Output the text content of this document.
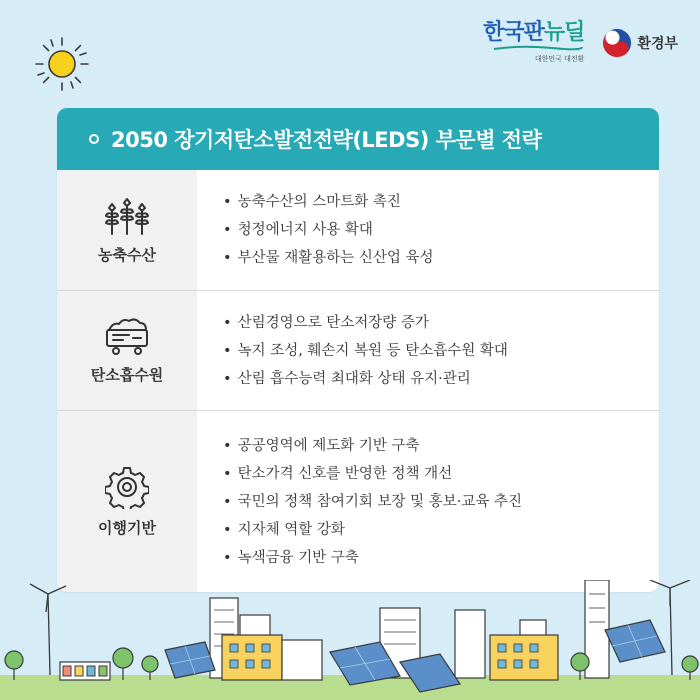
한국판뉴딜
대한민국 대전환
환경부
2050 장기저탄소발전전략(LEDS) 부문별 전략
농축수산
• 농축수산의 스마트화 촉진
• 청정에너지 사용 확대
• 부산물 재활용하는 신산업 육성
탄소흡수원
• 산림경영으로 탄소저장량 증가
• 녹지 조성, 훼손지 복원 등 탄소흡수원 확대
• 산림 흡수능력 최대화 상태 유지·관리
이행기반
• 공공영역에 제도화 기반 구축
• 탄소가격 신호를 반영한 정책 개선
• 국민의 정책 참여기회 보장 및 홍보·교육 추진
• 지자체 역할 강화
• 녹색금융 기반 구축
